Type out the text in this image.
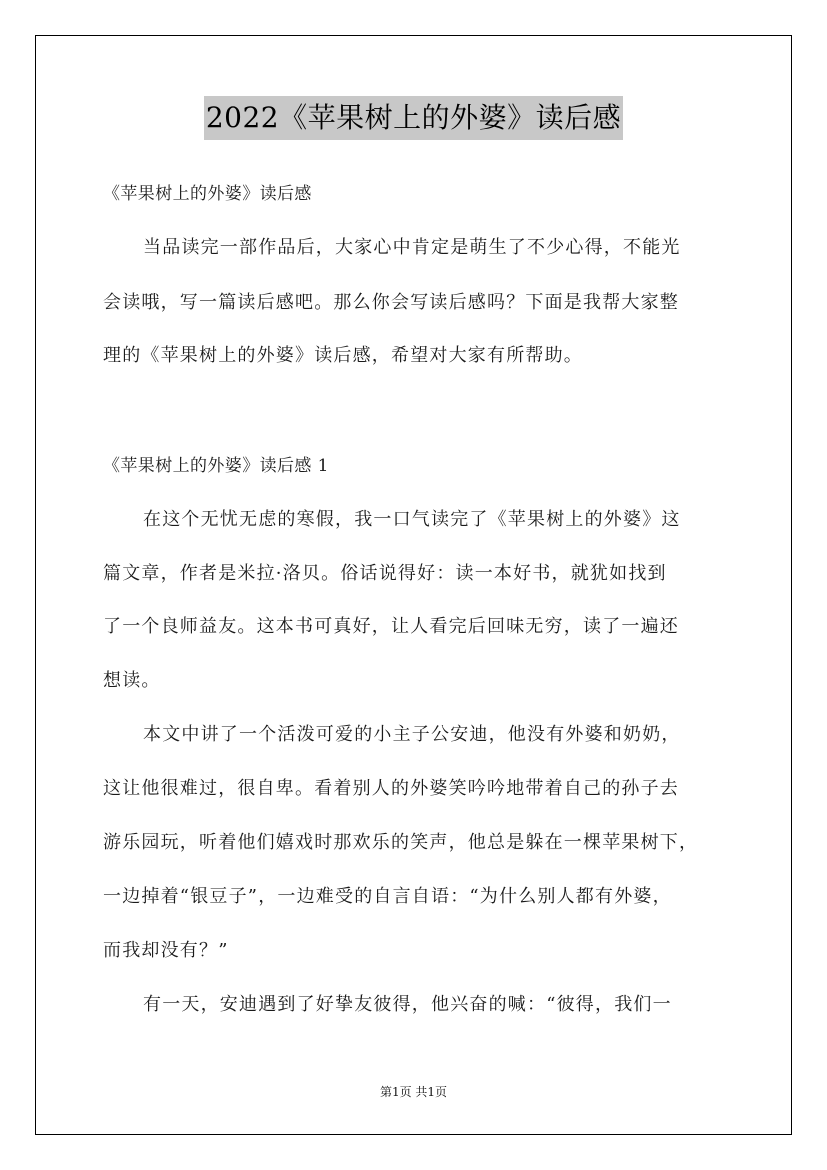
2022《苹果树上的外婆》读后感
《苹果树上的外婆》读后感
当品读完一部作品后，大家心中肯定是萌生了不少心得，不能光
会读哦，写一篇读后感吧。那么你会写读后感吗？下面是我帮大家整
理的《苹果树上的外婆》读后感，希望对大家有所帮助。
《苹果树上的外婆》读后感 1
在这个无忧无虑的寒假，我一口气读完了《苹果树上的外婆》这
篇文章，作者是米拉·洛贝。俗话说得好：读一本好书，就犹如找到
了一个良师益友。这本书可真好，让人看完后回味无穷，读了一遍还
想读。
本文中讲了一个活泼可爱的小主子公安迪，他没有外婆和奶奶，
这让他很难过，很自卑。看着别人的外婆笑吟吟地带着自己的孙子去
游乐园玩，听着他们嬉戏时那欢乐的笑声，他总是躲在一棵苹果树下，
一边掉着“银豆子”，一边难受的自言自语：“为什么别人都有外婆，
而我却没有？”
有一天，安迪遇到了好挚友彼得，他兴奋的喊：“彼得，我们一
第1页 共1页
